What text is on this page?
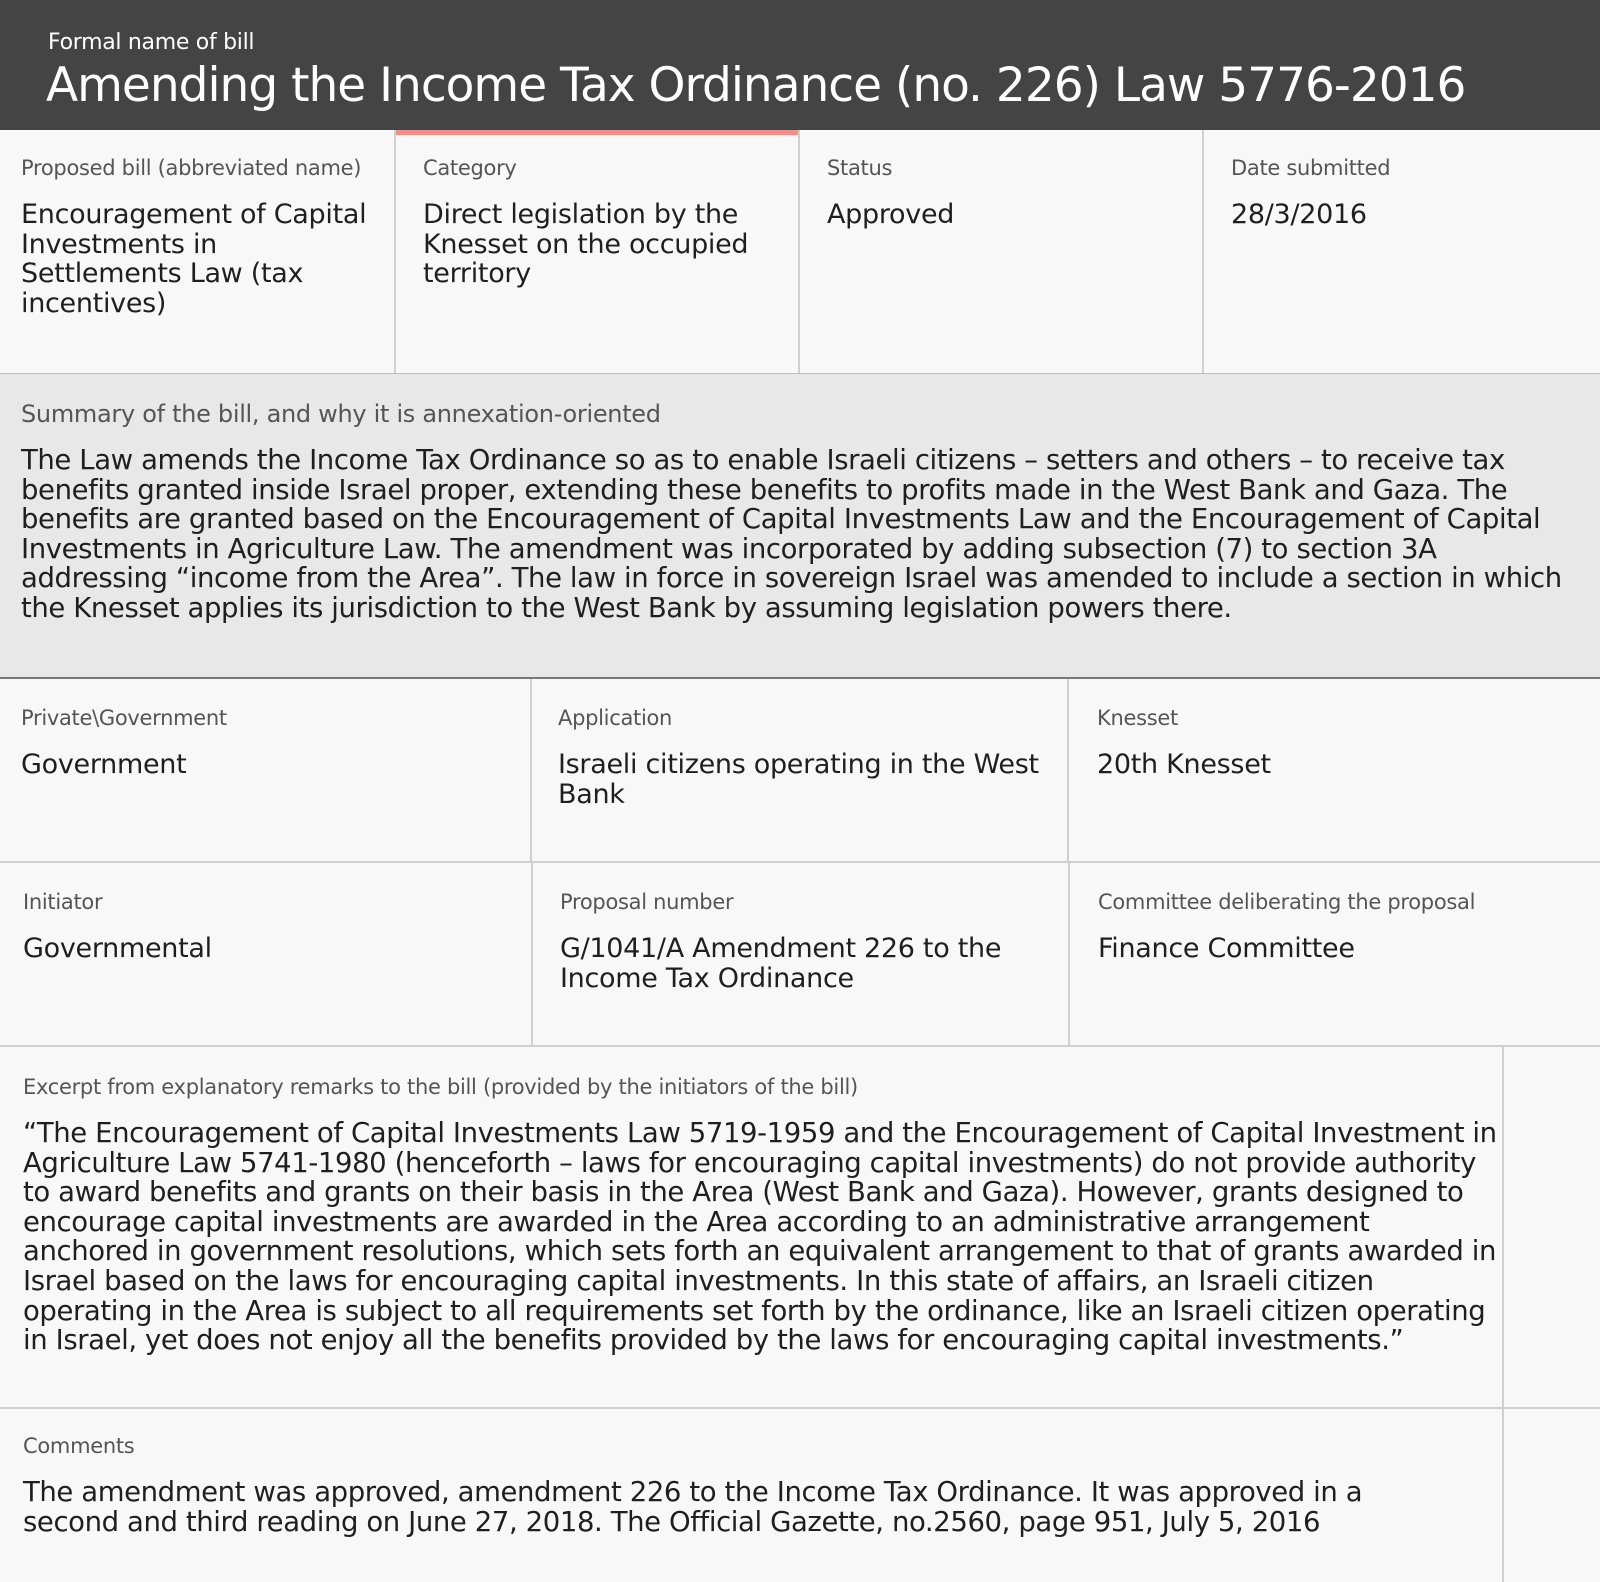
Formal name of bill
Amending the Income Tax Ordinance (no. 226) Law 5776-2016
Proposed bill (abbreviated name)
Encouragement of Capital Investments in Settlements Law (tax incentives)
Category
Direct legislation by the Knesset on the occupied territory
Status
Approved
Date submitted
28/3/2016
Summary of the bill, and why it is annexation-oriented
The Law amends the Income Tax Ordinance so as to enable Israeli citizens – setters and others – to receive tax benefits granted inside Israel proper, extending these benefits to profits made in the West Bank and Gaza. The benefits are granted based on the Encouragement of Capital Investments Law and the Encouragement of Capital Investments in Agriculture Law. The amendment was incorporated by adding subsection (7) to section 3A addressing “income from the Area”. The law in force in sovereign Israel was amended to include a section in which the Knesset applies its jurisdiction to the West Bank by assuming legislation powers there.
Private\Government
Government
Application
Israeli citizens operating in the West Bank
Knesset
20th Knesset
Initiator
Governmental
Proposal number
G/1041/A Amendment 226 to the Income Tax Ordinance
Committee deliberating the proposal
Finance Committee
Excerpt from explanatory remarks to the bill (provided by the initiators of the bill)
“The Encouragement of Capital Investments Law 5719-1959 and the Encouragement of Capital Investment in Agriculture Law 5741-1980 (henceforth – laws for encouraging capital investments) do not provide authority to award benefits and grants on their basis in the Area (West Bank and Gaza). However, grants designed to encourage capital investments are awarded in the Area according to an administrative arrangement anchored in government resolutions, which sets forth an equivalent arrangement to that of grants awarded in Israel based on the laws for encouraging capital investments. In this state of affairs, an Israeli citizen operating in the Area is subject to all requirements set forth by the ordinance, like an Israeli citizen operating in Israel, yet does not enjoy all the benefits provided by the laws for encouraging capital investments.”
Comments
The amendment was approved, amendment 226 to the Income Tax Ordinance. It was approved in a second and third reading on June 27, 2018. The Official Gazette, no.2560, page 951, July 5, 2016
